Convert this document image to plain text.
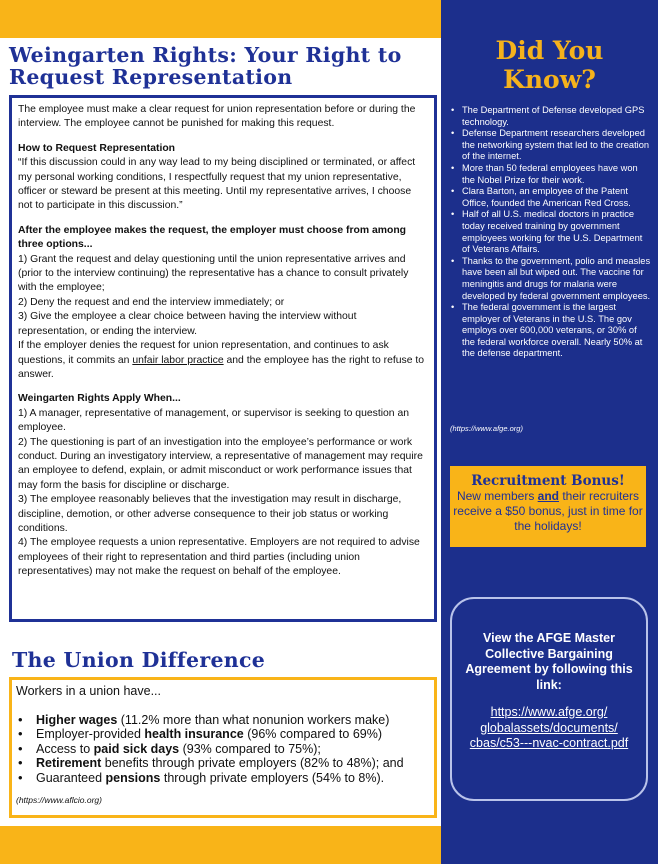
Weingarten Rights: Your Right to Request Representation

The employee must make a clear request for union representation before or during the interview. The employee cannot be punished for making this request.

How to Request Representation

“If this discussion could in any way lead to my being disciplined or terminated, or affect my personal working conditions, I respectfully request that my union representative, officer or steward be present at this meeting. Until my representative arrives, I choose not to participate in this discussion.”

After the employee makes the request, the employer must choose from among three options...

1) Grant the request and delay questioning until the union representative arrives and (prior to the interview continuing) the representative has a chance to consult privately with the employee;

2) Deny the request and end the interview immediately; or

3) Give the employee a clear choice between having the interview without representation, or ending the interview.

If the employer denies the request for union representation, and continues to ask questions, it commits an unfair labor practice and the employee has the right to refuse to answer.

Weingarten Rights Apply When...

1) A manager, representative of management, or supervisor is seeking to question an employee.

2) The questioning is part of an investigation into the employee’s performance or work conduct. During an investigatory interview, a representative of management may require an employee to defend, explain, or admit misconduct or work performance issues that may form the basis for discipline or discharge.

3) The employee reasonably believes that the investigation may result in discharge, discipline, demotion, or other adverse consequence to their job status or working conditions.

4) The employee requests a union representative. Employers are not required to advise employees of their right to representation and third parties (including union representatives) may not make the request on behalf of the employee.

The Union Difference

Workers in a union have...

• Higher wages (11.2% more than what nonunion workers make)
• Employer-provided health insurance (96% compared to 69%)
• Access to paid sick days (93% compared to 75%);
• Retirement benefits through private employers (82% to 48%); and
• Guaranteed pensions through private employers (54% to 8%).

(https://www.aflcio.org)

Did You
Know?
• The Department of Defense developed GPS technology.
• Defense Department researchers developed the networking system that led to the creation of the internet.
• More than 50 federal employees have won the Nobel Prize for their work.
• Clara Barton, an employee of the Patent Office, founded the American Red Cross.
• Half of all U.S. medical doctors in practice today received training by government employees working for the U.S. Department of Veterans Affairs.
• Thanks to the government, polio and measles have been all but wiped out. The vaccine for meningitis and drugs for malaria were developed by federal government employees.
• The federal government is the largest employer of Veterans in the U.S. The gov employs over 600,000 veterans, or 30% of the federal workforce overall. Nearly 50% at the defense department.
(https://www.afge.org)
Recruitment Bonus!
New members and their recruiters receive a $50 bonus, just in time for the holidays!
View the AFGE Master Collective Bargaining Agreement by following this link:
https://www.afge.org/ globalassets/documents/ cbas/c53---nvac-contract.pdf
